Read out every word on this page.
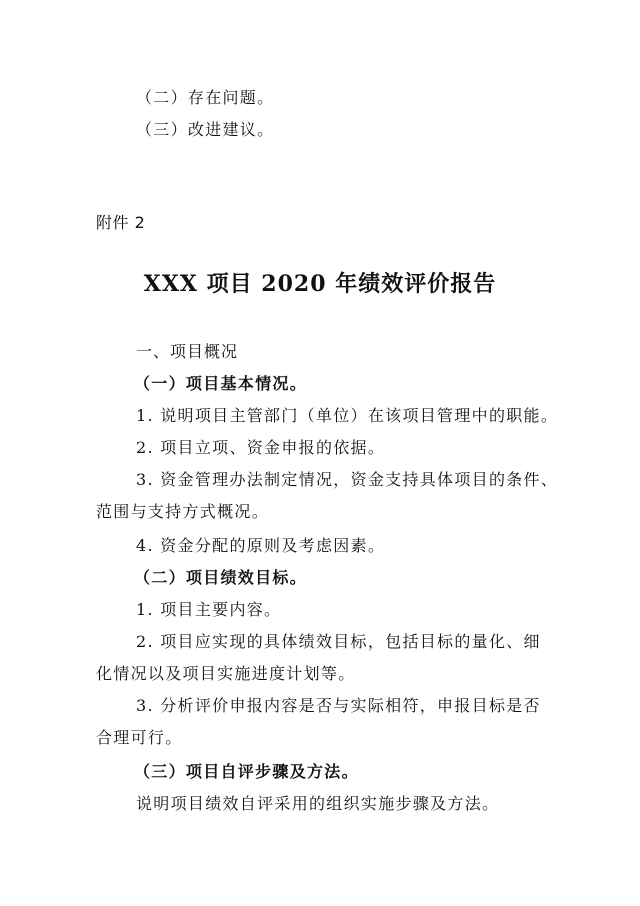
（二）存在问题。
（三）改进建议。
附件 2
XXX 项目 2020 年绩效评价报告
一、项目概况
（一）项目基本情况。
1. 说明项目主管部门（单位）在该项目管理中的职能。
2. 项目立项、资金申报的依据。
3. 资金管理办法制定情况，资金支持具体项目的条件、
范围与支持方式概况。
4. 资金分配的原则及考虑因素。
（二）项目绩效目标。
1. 项目主要内容。
2. 项目应实现的具体绩效目标，包括目标的量化、细
化情况以及项目实施进度计划等。
3. 分析评价申报内容是否与实际相符，申报目标是否
合理可行。
（三）项目自评步骤及方法。
说明项目绩效自评采用的组织实施步骤及方法。
